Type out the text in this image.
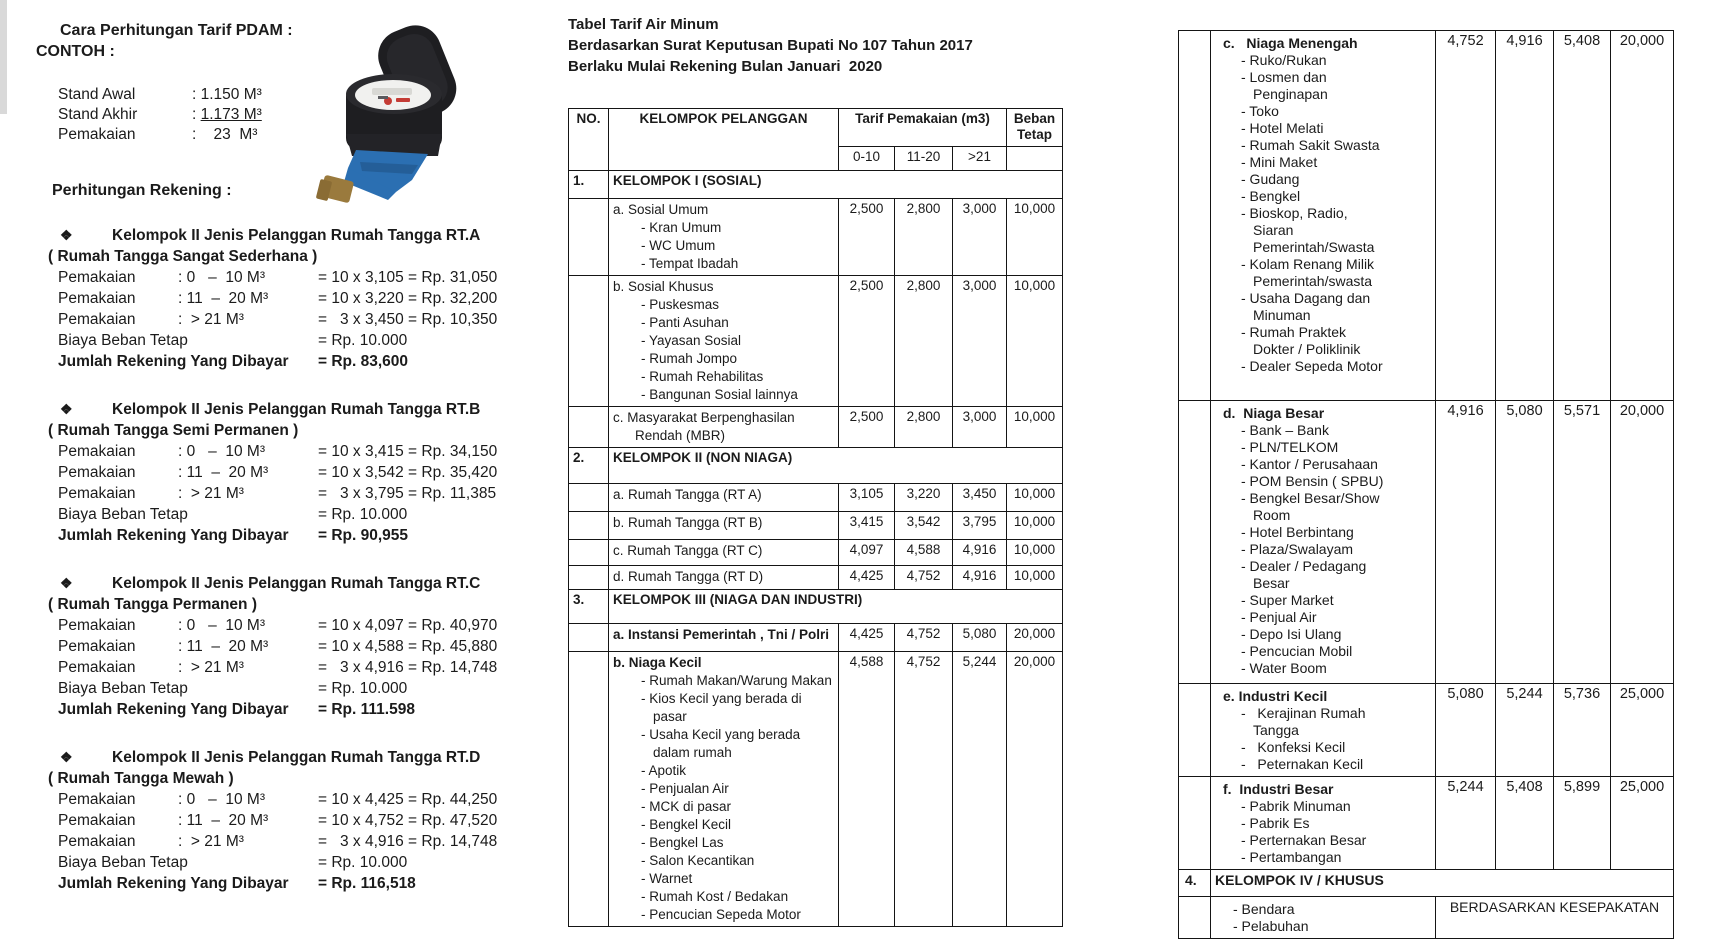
Cara Perhitungan Tarif PDAM :
CONTOH :
Stand Awal	: 1.150 M³
Stand Akhir	: 1.173 M³
Pemakaian	:    23  M³
Perhitungan Rekening :
❖	Kelompok II Jenis Pelanggan Rumah Tangga RT.A
( Rumah Tangga Sangat Sederhana )
Pemakaian	: 0   –  10 M³	= 10 x 3,105 = Rp. 31,050
Pemakaian	: 11  –  20 M³	= 10 x 3,220 = Rp. 32,200
Pemakaian	:  > 21 M³	=   3 x 3,450 = Rp. 10,350
Biaya Beban Tetap	= Rp. 10.000
Jumlah Rekening Yang Dibayar	= Rp. 83,600
❖	Kelompok II Jenis Pelanggan Rumah Tangga RT.B
( Rumah Tangga Semi Permanen )
Pemakaian	: 0   –  10 M³	= 10 x 3,415 = Rp. 34,150
Pemakaian	: 11  –  20 M³	= 10 x 3,542 = Rp. 35,420
Pemakaian	:  > 21 M³	=   3 x 3,795 = Rp. 11,385
Biaya Beban Tetap	= Rp. 10.000
Jumlah Rekening Yang Dibayar	= Rp. 90,955
❖	Kelompok II Jenis Pelanggan Rumah Tangga RT.C
( Rumah Tangga Permanen )
Pemakaian	: 0   –  10 M³	= 10 x 4,097 = Rp. 40,970
Pemakaian	: 11  –  20 M³	= 10 x 4,588 = Rp. 45,880
Pemakaian	:  > 21 M³	=   3 x 4,916 = Rp. 14,748
Biaya Beban Tetap	= Rp. 10.000
Jumlah Rekening Yang Dibayar	= Rp. 111.598
❖	Kelompok II Jenis Pelanggan Rumah Tangga RT.D
( Rumah Tangga Mewah )
Pemakaian	: 0   –  10 M³	= 10 x 4,425 = Rp. 44,250
Pemakaian	: 11  –  20 M³	= 10 x 4,752 = Rp. 47,520
Pemakaian	:  > 21 M³	=   3 x 4,916 = Rp. 14,748
Biaya Beban Tetap	= Rp. 10.000
Jumlah Rekening Yang Dibayar	= Rp. 116,518
Tabel Tarif Air Minum
Berdasarkan Surat Keputusan Bupati No 107 Tahun 2017
Berlaku Mulai Rekening Bulan Januari  2020
NO.	KELOMPOK PELANGGAN	Tarif Pemakaian (m3)			Beban Tetap
		0-10	11-20	>21	
1.	KELOMPOK I (SOSIAL)				

	a. Sosial Umum
- Kran Umum
- WC Umum
- Tempat Ibadah	2,500	2,800	3,000	10,000

b. Sosial Khusus
- Puskesmas
- Panti Asuhan
- Yayasan Sosial
- Rumah Jompo
- Rumah Rehabilitas
- Bangunan Sosial lainnya
	2,500	2,800	3,000	10,000

	c. Masyarakat Berpenghasilan Rendah (MBR)	2,500	2,800	3,000	10,000
2.	KELOMPOK II (NON NIAGA)				

	a. Rumah Tangga (RT A)	3,105	3,220	3,450	10,000

	b. Rumah Tangga (RT B)	3,415	3,542	3,795	10,000

	c. Rumah Tangga (RT C)	4,097	4,588	4,916	10,000

	d. Rumah Tangga (RT D)	4,425	4,752	4,916	10,000
3.	KELOMPOK III (NIAGA DAN INDUSTRI)				

	a. Instansi Pemerintah , Tni / Polri	4,425	4,752	5,080	20,000

b. Niaga Kecil
- Rumah Makan/Warung Makan
- Kios Kecil yang berada di pasar
- Usaha Kecil yang berada dalam rumah
- Apotik
- Penjualan Air
- MCK di pasar
- Bengkel Kecil
- Bengkel Las
- Salon Kecantikan
- Warnet
- Rumah Kost / Bedakan
- Pencucian Sepeda Motor
	4,588	4,752	5,244	20,000

c.   Niaga Menengah
- Ruko/Rukan
- Losmen dan Penginapan
- Toko
- Hotel Melati
- Rumah Sakit Swasta
- Mini Maket
- Gudang
- Bengkel
- Bioskop, Radio, Siaran Pemerintah/Swasta
- Kolam Renang Milik Pemerintah/swasta
- Usaha Dagang dan Minuman
- Rumah Praktek Dokter / Poliklinik
- Dealer Sepeda Motor
	4,752	4,916	5,408	20,000

d.  Niaga Besar
- Bank – Bank
- PLN/TELKOM
- Kantor / Perusahaan
- POM Bensin ( SPBU)
- Bengkel Besar/Show Room
- Hotel Berbintang
- Plaza/Swalayam
- Dealer / Pedagang Besar
- Super Market
- Penjual Air
- Depo Isi Ulang
- Pencucian Mobil
- Water Boom
	4,916	5,080	5,571	20,000

	e. Industri Kecil
-   Kerajinan Rumah Tangga
-   Konfeksi Kecil
-   Peternakan Kecil	5,080	5,244	5,736	25,000

	f.  Industri Besar
- Pabrik Minuman
- Pabrik Es
- Perternakan Besar
- Pertambangan	5,244	5,408	5,899	25,000
4.	KELOMPOK IV / KHUSUS				

	- Bendara
- Pelabuhan	BERDASARKAN KESEPAKATAN			
